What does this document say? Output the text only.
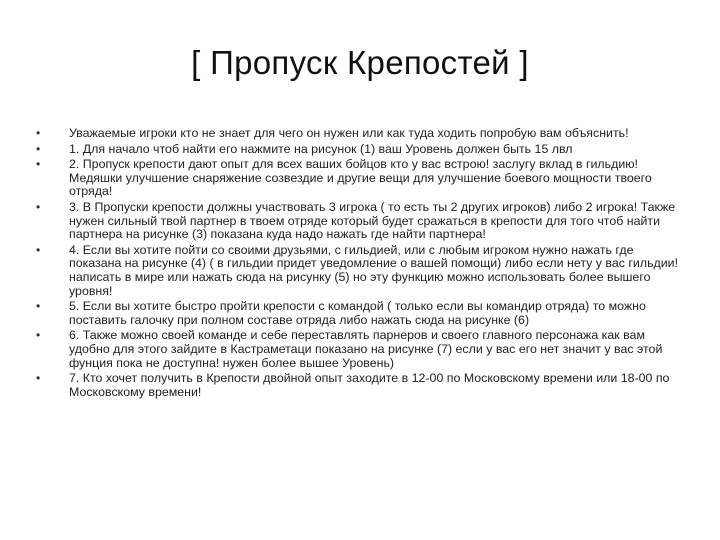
[ Пропуск Крепостей ]
•	Уважаемые игроки кто не знает для чего он нужен или как туда ходить попробую вам объяснить!
•	1. Для начало чтоб найти его нажмите на рисунок (1) ваш Уровень должен быть 15 лвл
•	2. Пропуск крепости дают опыт для всех ваших бойцов кто у вас встрою! заслугу вклад в гильдию! Медяшки улучшение снаряжение созвездие и другие вещи для улучшение боевого мощности твоего отряда!
•	3. В Пропуски крепости должны участвовать 3 игрока ( то есть ты 2 других игроков) либо 2 игрока! Также нужен сильный твой партнер в твоем отряде который будет сражаться в крепости для того чтоб найти партнера на рисунке (3) показана куда надо нажать где найти партнера!
•	4. Если вы хотите пойти со своими друзьями, с гильдией, или с любым игроком нужно нажать где показана на рисунке (4) ( в гильдии придет уведомление о вашей помощи) либо если нету у вас гильдии! написать в мире или нажать сюда на рисунку (5) но эту функцию можно использовать более вышего уровня!
•	5. Если вы хотите быстро пройти крепости с командой ( только если вы командир отряда) то можно поставить галочку при полном составе отряда либо нажать сюда на рисунке (6)
•	6. Также можно своей команде и себе переставлять парнеров и своего главного персонажа как вам удобно для этого зайдите в Кастраметаци показано на рисунке (7) если у вас его нет значит у вас этой фунция пока не доступна! нужен более вышее Уровень)
•	7. Кто хочет получить в Крепости двойной опыт заходите в 12-00 по Московскому времени или 18-00 по Московскому времени!
